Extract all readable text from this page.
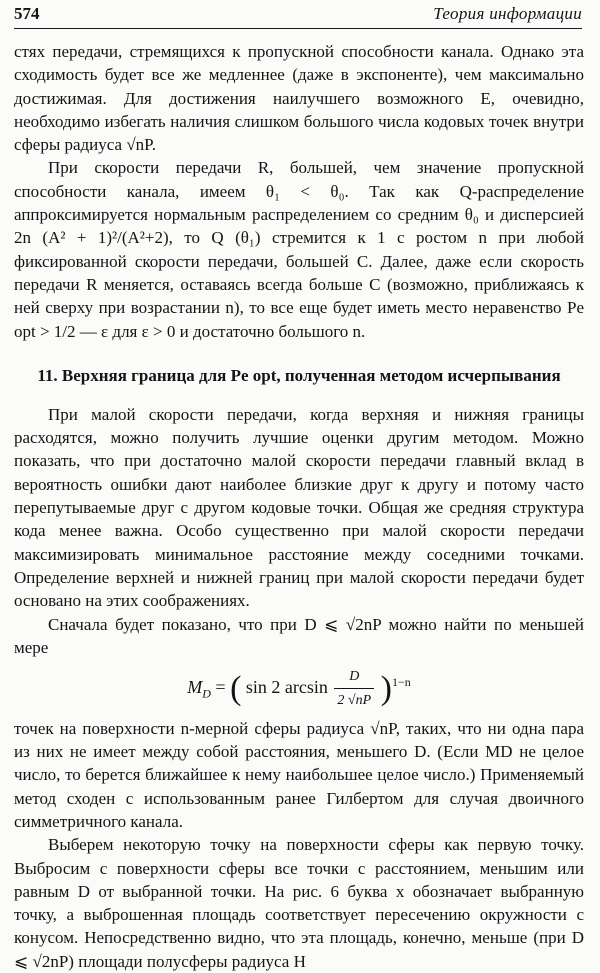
574	Теория информации

стях передачи, стремящихся к пропускной способности канала. Однако эта сходимость будет все же медленнее (даже в экспоненте), чем максимально достижимая. Для достижения наилучшего возможного E, очевидно, необходимо избегать наличия слишком большого числа кодовых точек внутри сферы радиуса √nP.

При скорости передачи R, большей, чем значение пропускной способности канала, имеем θ₁ < θ₀. Так как Q-распределение аппроксимируется нормальным распределением со средним θ₀ и дисперсией 2n (A² + 1)²/(A²+2), то Q (θ₁) стремится к 1 с ростом n при любой фиксированной скорости передачи, большей C. Далее, даже если скорость передачи R меняется, оставаясь всегда больше C (возможно, приближаясь к ней сверху при возрастании n), то все еще будет иметь место неравенство Pe opt > 1/2 — ε для ε > 0 и достаточно большого n.

11. Верхняя граница для Pe opt, полученная методом исчерпывания

При малой скорости передачи, когда верхняя и нижняя границы расходятся, можно получить лучшие оценки другим методом. Можно показать, что при достаточно малой скорости передачи главный вклад в вероятность ошибки дают наиболее близкие друг к другу и потому часто перепутываемые друг с другом кодовые точки. Общая же средняя структура кода менее важна. Особо существенно при малой скорости передачи максимизировать минимальное расстояние между соседними точками. Определение верхней и нижней границ при малой скорости передачи будет основано на этих соображениях.

Сначала будет показано, что при D ⩽ √2nP можно найти по меньшей мере

$M_D$ = ( sin 2 $\arcsin \frac{D}{2 √nP} )^{1-n}$

точек на поверхности n-мерной сферы радиуса √nP, таких, что ни одна пара из них не имеет между собой расстояния, меньшего D. (Если MD не целое число, то берется ближайшее к нему наибольшее целое число.) Применяемый метод сходен с использованным ранее Гилбертом для случая двоичного симметричного канала.

Выберем некоторую точку на поверхности сферы как первую точку. Выбросим с поверхности сферы все точки с расстоянием, меньшим или равным D от выбранной точки. На рис. 6 буква x обозначает выбранную точку, а выброшенная площадь соответствует пересечению окружности с конусом. Непосредственно видно, что эта площадь, конечно, меньше (при D ⩽ √2nP) площади полусферы радиуса H
